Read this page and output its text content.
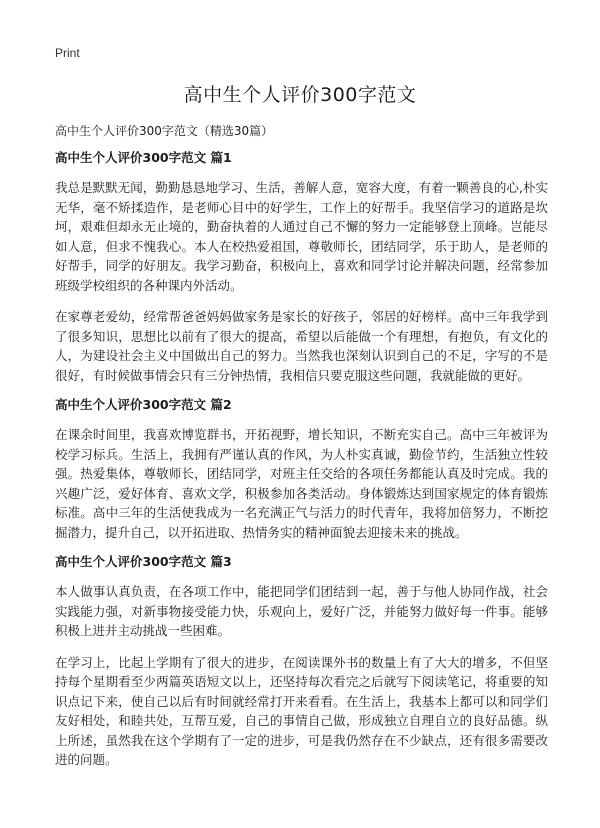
Print
高中生个人评价300字范文

高中生个人评价300字范文（精选30篇）

高中生个人评价300字范文 篇1

我总是默默无闻，勤勤恳恳地学习、生活，善解人意，宽容大度，有着一颗善良的心,朴实无华，毫不矫揉造作，是老师心目中的好学生，工作上的好帮手。我坚信学习的道路是坎坷，艰难但却永无止境的，勤奋执着的人通过自己不懈的努力一定能够登上顶峰。岂能尽如人意，但求不愧我心。本人在校热爱祖国，尊敬师长，团结同学，乐于助人，是老师的好帮手，同学的好朋友。我学习勤奋，积极向上，喜欢和同学讨论并解决问题，经常参加班级学校组织的各种课内外活动。

在家尊老爱幼，经常帮爸爸妈妈做家务是家长的好孩子，邻居的好榜样。高中三年我学到了很多知识，思想比以前有了很大的提高，希望以后能做一个有理想，有抱负，有文化的人，为建设社会主义中国做出自己的努力。当然我也深刻认识到自己的不足，字写的不是很好，有时候做事情会只有三分钟热情，我相信只要克服这些问题，我就能做的更好。

高中生个人评价300字范文 篇2

在课余时间里，我喜欢博览群书，开拓视野，增长知识，不断充实自己。高中三年被评为校学习标兵。生活上，我拥有严谨认真的作风，为人朴实真诚，勤俭节约，生活独立性较强。热爱集体，尊敬师长，团结同学，对班主任交给的各项任务都能认真及时完成。我的兴趣广泛，爱好体育、喜欢文学，积极参加各类活动。身体锻炼达到国家规定的体育锻炼标准。高中三年的生活使我成为一名充满正气与活力的时代青年，我将加倍努力，不断挖掘潜力，提升自己，以开拓进取、热情务实的精神面貌去迎接未来的挑战。

高中生个人评价300字范文 篇3

本人做事认真负责，在各项工作中，能把同学们团结到一起，善于与他人协同作战，社会实践能力强，对新事物接受能力快，乐观向上，爱好广泛，并能努力做好每一件事。能够积极上进并主动挑战一些困难。

在学习上，比起上学期有了很大的进步，在阅读课外书的数量上有了大大的增多，不但坚持每个星期看至少两篇英语短文以上，还坚持每次看完之后就写下阅读笔记，将重要的知识点记下来，使自己以后有时间就经常打开来看看。在生活上，我基本上都可以和同学们友好相处，和睦共处，互帮互爱，自己的事情自己做，形成独立自理自立的良好品德。纵上所述，虽然我在这个学期有了一定的进步，可是我仍然存在不少缺点，还有很多需要改进的问题。
